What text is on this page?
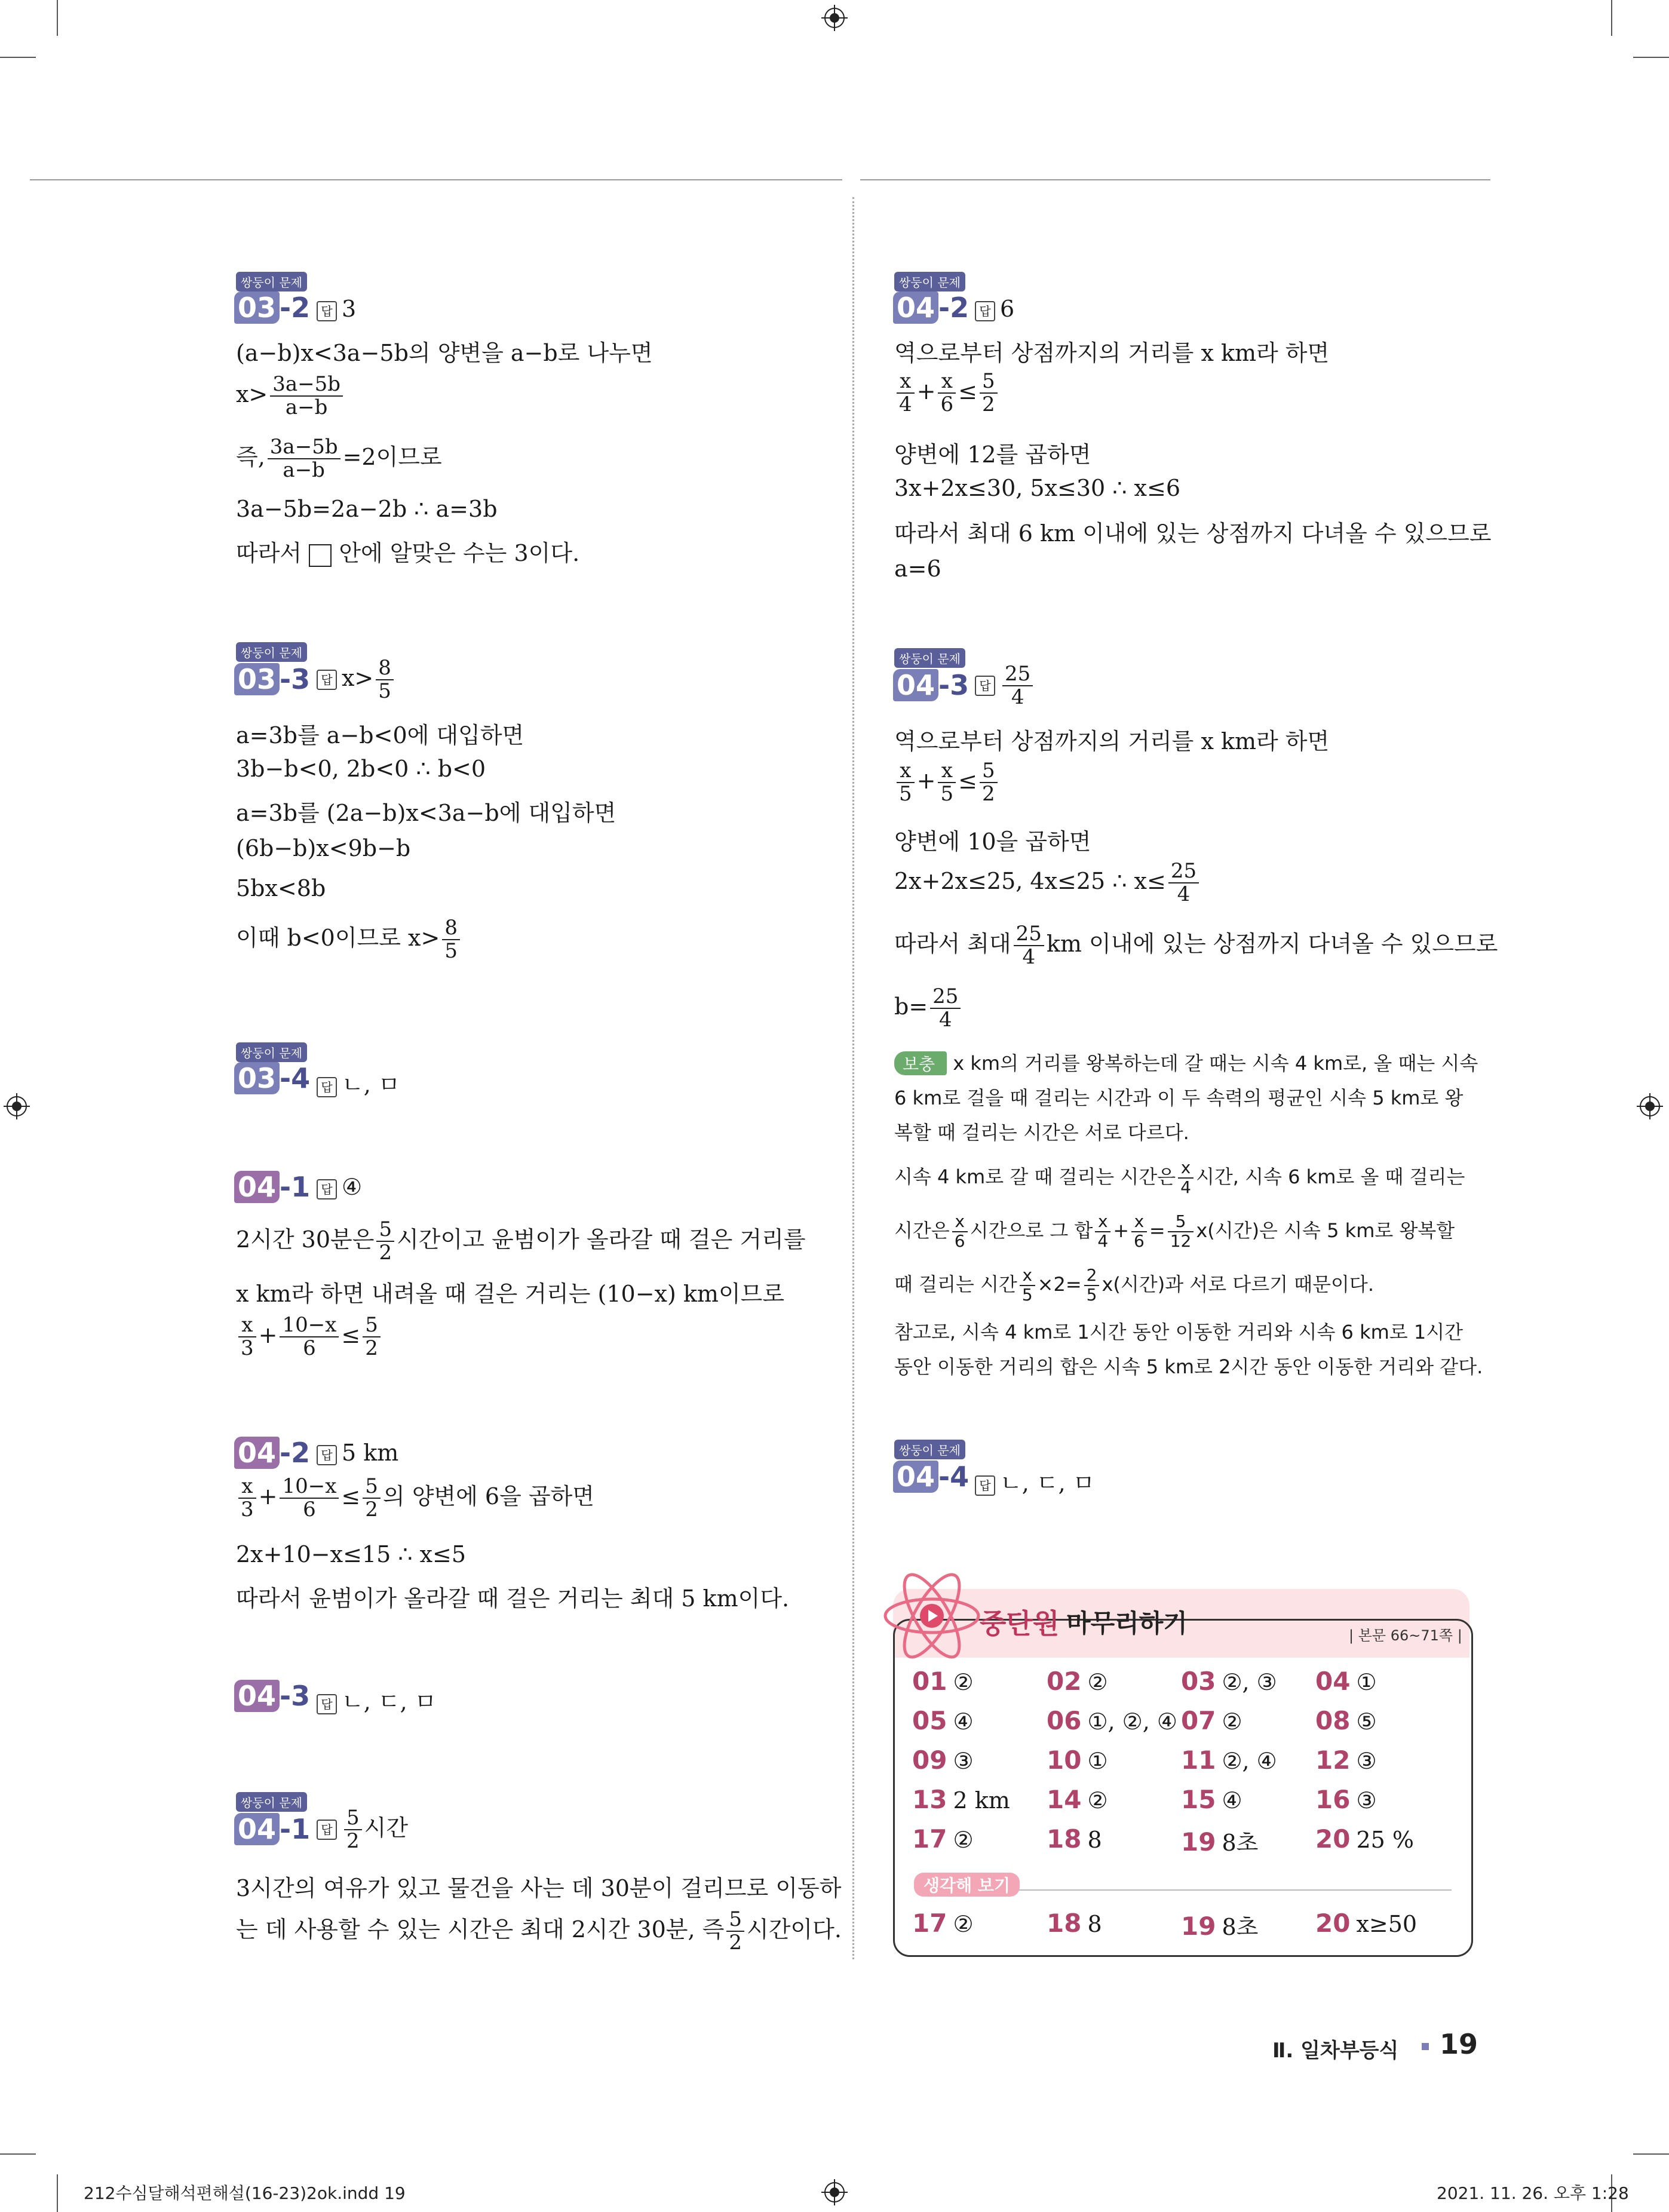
쌍둥이 문제
03 -2 답 3
(a−b)x<3a−5b의 양변을 a−b로 나누면
$x> \frac{3a-5b}{a-b}$
즉, $\frac{3a-5b}{a-b} =2$이므로
3a−5b=2a−2b ∴ a=3b
따라서 안에 알맞은 수는 3이다.
쌍둥이 문제
03 -3 답 $x> \frac{8}{5}$
a=3b를 a−b<0에 대입하면
3b−b<0, 2b<0 ∴ b<0
a=3b를 (2a−b)x<3a−b에 대입하면
(6b−b)x<9b−b
5bx<8b
이때 b<0이므로 $x> \frac{8}{5}$
쌍둥이 문제
03 -4 답 ㄴ, ㅁ
04 -1 답 ④
2시간 30분은 $\frac{5}{2}$ 시간이고 윤범이가 올라갈 때 걸은 거리를
x km라 하면 내려올 때 걸은 거리는 (10−x) km이므로
$\frac{x}{3} + \frac{10-x}{6} \le \frac{5}{2}$
04 -2 답 5 km
$\frac{x}{3} + \frac{10-x}{6} \le \frac{5}{2}$ 의 양변에 6을 곱하면
2x+10−x≤15 ∴ x≤5
따라서 윤범이가 올라갈 때 걸은 거리는 최대 5 km이다.
04 -3 답 ㄴ, ㄷ, ㅁ
쌍둥이 문제
04 -1 답 $\frac{5}{2}$ 시간
3시간의 여유가 있고 물건을 사는 데 30분이 걸리므로 이동하
는 데 사용할 수 있는 시간은 최대 2시간 30분, 즉 $\frac{5}{2}$ 시간이다.
쌍둥이 문제
04 -2 답 6
역으로부터 상점까지의 거리를 x km라 하면
$\frac{x}{4} + \frac{x}{6} \le \frac{5}{2}$
양변에 12를 곱하면
3x+2x≤30, 5x≤30 ∴ x≤6
따라서 최대 6 km 이내에 있는 상점까지 다녀올 수 있으므로
a=6
쌍둥이 문제
04 -3 답 $\frac{25}{4}$
역으로부터 상점까지의 거리를 x km라 하면
$\frac{x}{5} + \frac{x}{5} \le \frac{5}{2}$
양변에 10을 곱하면
2x+2x≤25, 4x≤25 ∴ $x\le \frac{25}{4}$
따라서 최대 $\frac{25}{4}$ km 이내에 있는 상점까지 다녀올 수 있으므로
$b= \frac{25}{4}$
보충 x km의 거리를 왕복하는데 갈 때는 시속 4 km로, 올 때는 시속
6 km로 걸을 때 걸리는 시간과 이 두 속력의 평균인 시속 5 km로 왕
복할 때 걸리는 시간은 서로 다르다.
시속 4 km로 갈 때 걸리는 시간은 $\frac{x}{4}$ 시간, 시속 6 km로 올 때 걸리는
시간은 $\frac{x}{6}$ 시간으로 그 합 $\frac{x}{4} + \frac{x}{6} = \frac{5}{12} x$(시간)은 시속 5 km로 왕복할
때 걸리는 시간 $\frac{x}{5} \times 2= \frac{2}{5} x$(시간)과 서로 다르기 때문이다.
참고로, 시속 4 km로 1시간 동안 이동한 거리와 시속 6 km로 1시간
동안 이동한 거리의 합은 시속 5 km로 2시간 동안 이동한 거리와 같다.
쌍둥이 문제
04 -4 답 ㄴ, ㄷ, ㅁ
중단원 마무리하기	| 본문 66~71쪽 |
01 ②	02 ②	03 ②, ③ 04 ①
05 ④	06 ①, ②, ④ 07 ②	08 ⑤
09 ③	10 ①	11 ②, ④ 12 ③
13 2 km 14 ②	15 ④	16 ③
17 ②	18 8	19 8초 20 25 %
생각해 보기
17 ②	18 8	19 8초 20 x≥50
Ⅱ. 일차부등식 19
212수심달해석편해설(16-23)2ok.indd 19	2021. 11. 26. 오후 1:28
